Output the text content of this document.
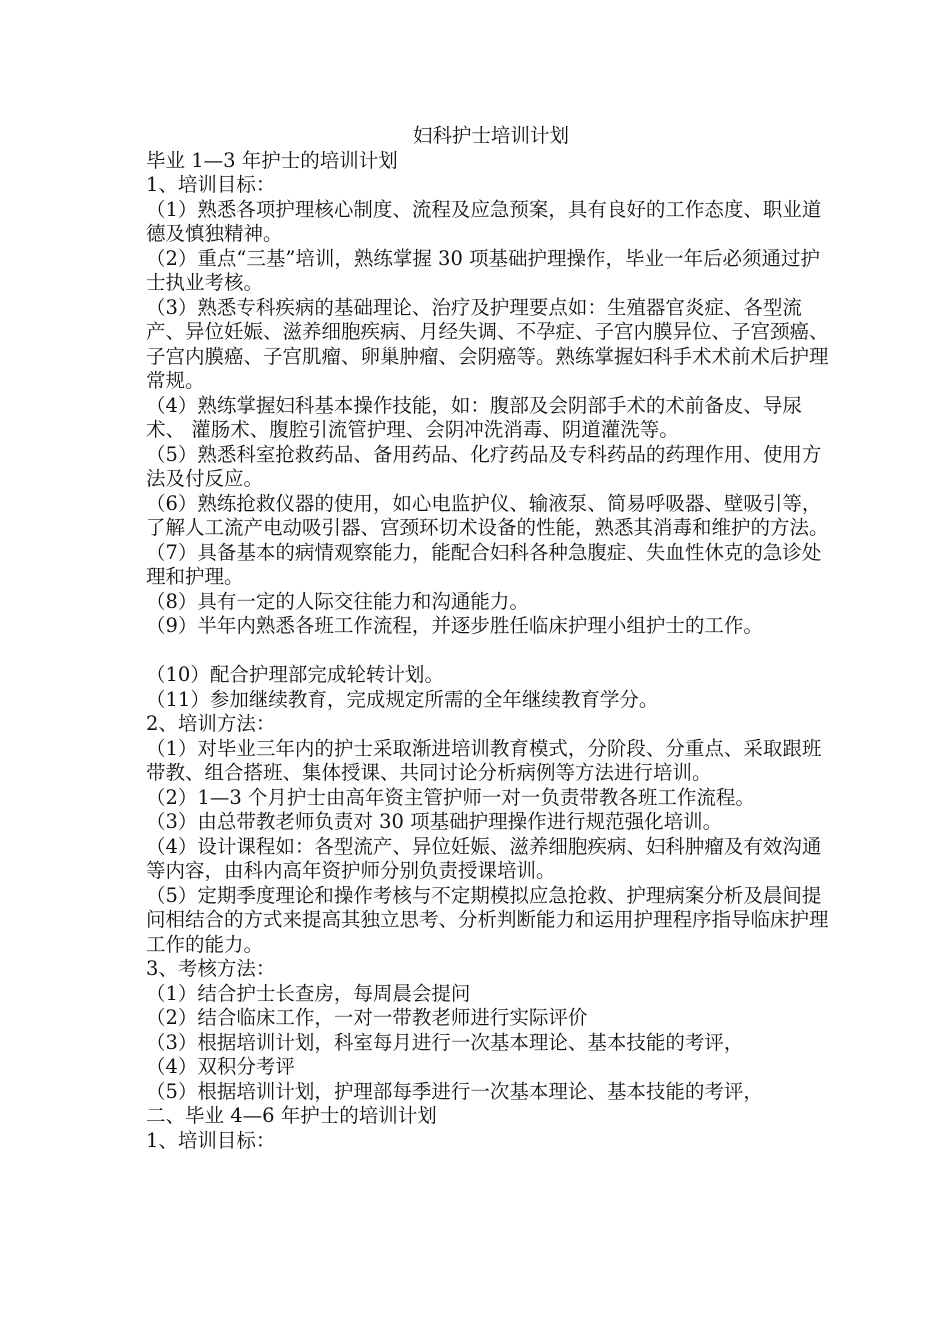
妇科护士培训计划

毕业 1—3 年护士的培训计划

1、培训目标：

（1）熟悉各项护理核心制度、流程及应急预案，具有良好的工作态度、职业道 德及慎独精神。

（2）重点“三基”培训，熟练掌握 30 项基础护理操作，毕业一年后必须通过护士执业考核。

（3）熟悉专科疾病的基础理论、治疗及护理要点如：生殖器官炎症、各型流产、异位妊娠、滋养细胞疾病、月经失调、不孕症、子宫内膜异位、子宫颈癌、子宫内膜癌、子宫肌瘤、卵巢肿瘤、会阴癌等。熟练掌握妇科手术术前术后护理常规。

（4）熟练掌握妇科基本操作技能，如：腹部及会阴部手术的术前备皮、导尿术、 灌肠术、腹腔引流管护理、会阴冲洗消毒、阴道灌洗等。

（5）熟悉科室抢救药品、备用药品、化疗药品及专科药品的药理作用、使用方法及付反应。

（6）熟练抢救仪器的使用，如心电监护仪、输液泵、简易呼吸器、壁吸引等，了解人工流产电动吸引器、宫颈环切术设备的性能，熟悉其消毒和维护的方法。

（7）具备基本的病情观察能力，能配合妇科各种急腹症、失血性休克的急诊处理和护理。

（8）具有一定的人际交往能力和沟通能力。

（9）半年内熟悉各班工作流程，并逐步胜任临床护理小组护士的工作。

（10）配合护理部完成轮转计划。

（11）参加继续教育，完成规定所需的全年继续教育学分。

2、培训方法：

（1）对毕业三年内的护士采取渐进培训教育模式，分阶段、分重点、采取跟班带教、组合搭班、集体授课、共同讨论分析病例等方法进行培训。

（2）1—3 个月护士由高年资主管护师一对一负责带教各班工作流程。

（3）由总带教老师负责对 30 项基础护理操作进行规范强化培训。

（4）设计课程如：各型流产、异位妊娠、滋养细胞疾病、妇科肿瘤及有效沟通等内容，由科内高年资护师分别负责授课培训。

（5）定期季度理论和操作考核与不定期模拟应急抢救、护理病案分析及晨间提问相结合的方式来提高其独立思考、分析判断能力和运用护理程序指导临床护理工作的能力。

3、考核方法：

（1）结合护士长查房，每周晨会提问

（2）结合临床工作，一对一带教老师进行实际评价

（3）根据培训计划，科室每月进行一次基本理论、基本技能的考评，

（4）双积分考评

（5）根据培训计划，护理部每季进行一次基本理论、基本技能的考评，

二、毕业 4—6 年护士的培训计划

1、培训目标：
